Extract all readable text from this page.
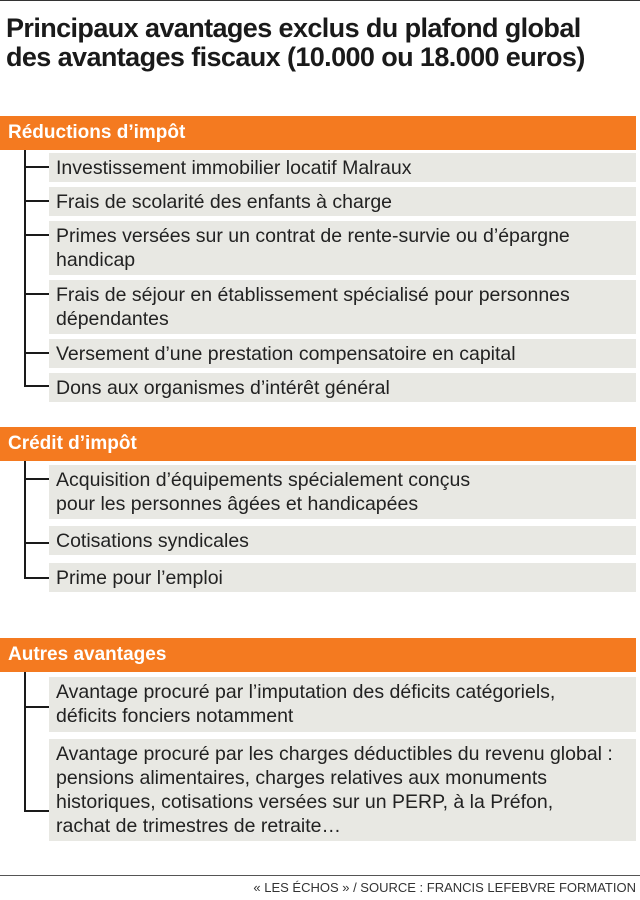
Principaux avantages exclus du plafond global
des avantages fiscaux (10.000 ou 18.000 euros)
Réductions d’impôt
Investissement immobilier locatif Malraux
Frais de scolarité des enfants à charge
Primes versées sur un contrat de rente-survie ou d’épargne
handicap
Frais de séjour en établissement spécialisé pour personnes
dépendantes
Versement d’une prestation compensatoire en capital
Dons aux organismes d’intérêt général
Crédit d’impôt
Acquisition d’équipements spécialement conçus
pour les personnes âgées et handicapées
Cotisations syndicales
Prime pour l’emploi
Autres avantages
Avantage procuré par l’imputation des déficits catégoriels,
déficits fonciers notamment
Avantage procuré par les charges déductibles du revenu global :
pensions alimentaires, charges relatives aux monuments
historiques, cotisations versées sur un PERP, à la Préfon,
rachat de trimestres de retraite…
« LES ÉCHOS » / SOURCE : FRANCIS LEFEBVRE FORMATION
